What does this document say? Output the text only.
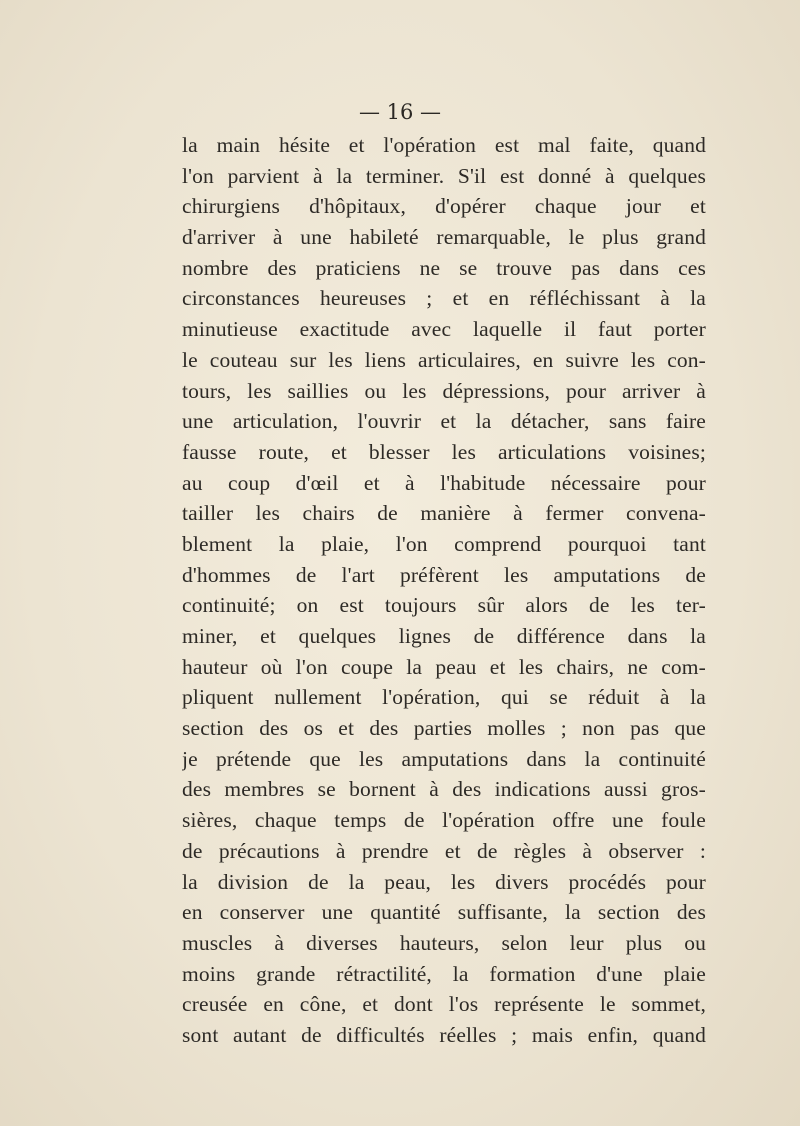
— 16 —

la main hésite et l'opération est mal faite, quand
l'on parvient à la terminer. S'il est donné à quelques
chirurgiens d'hôpitaux, d'opérer chaque jour et
d'arriver à une habileté remarquable, le plus grand
nombre des praticiens ne se trouve pas dans ces
circonstances heureuses ; et en réfléchissant à la
minutieuse exactitude avec laquelle il faut porter
le couteau sur les liens articulaires, en suivre les con-
tours, les saillies ou les dépressions, pour arriver à
une articulation, l'ouvrir et la détacher, sans faire
fausse route, et blesser les articulations voisines;
au coup d'œil et à l'habitude nécessaire pour
tailler les chairs de manière à fermer convena-
blement la plaie, l'on comprend pourquoi tant
d'hommes de l'art préfèrent les amputations de
continuité; on est toujours sûr alors de les ter-
miner, et quelques lignes de différence dans la
hauteur où l'on coupe la peau et les chairs, ne com-
pliquent nullement l'opération, qui se réduit à la
section des os et des parties molles ; non pas que
je prétende que les amputations dans la continuité
des membres se bornent à des indications aussi gros-
sières, chaque temps de l'opération offre une foule
de précautions à prendre et de règles à observer :
la division de la peau, les divers procédés pour
en conserver une quantité suffisante, la section des
muscles à diverses hauteurs, selon leur plus ou
moins grande rétractilité, la formation d'une plaie
creusée en cône, et dont l'os représente le sommet,
sont autant de difficultés réelles ; mais enfin, quand
